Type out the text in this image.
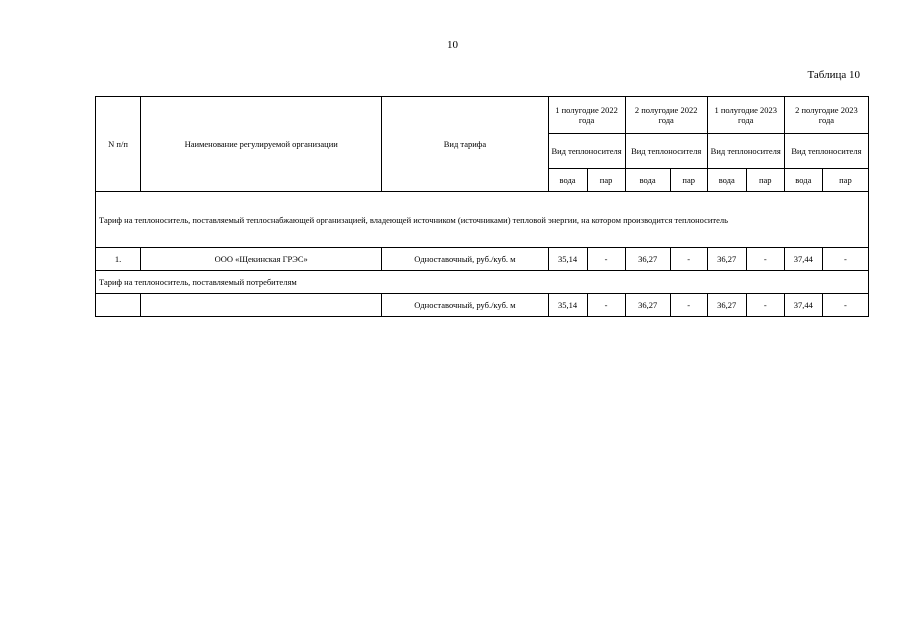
10
Таблица 10
N п/п	Наименование регулируемой организации	Вид тарифа	1 полугодие 2022 года		2 полугодие 2022 года		1 полугодие 2023 года		2 полугодие 2023 года	
			Вид теплоносителя		Вид теплоносителя		Вид теплоносителя		Вид теплоносителя	
			вода	пар	вода	пар	вода	пар	вода	пар
Тариф на теплоноситель, поставляемый теплоснабжающей организацией, владеющей источником (источниками) тепловой энергии, на котором производится теплоноситель										
1.	ООО «Щекинская ГРЭС»	Одноставочный, руб./куб. м	35,14	-	36,27	-	36,27	-	37,44	-
Тариф на теплоноситель, поставляемый потребителям										
		Одноставочный, руб./куб. м	35,14	-	36,27	-	36,27	-	37,44	-
